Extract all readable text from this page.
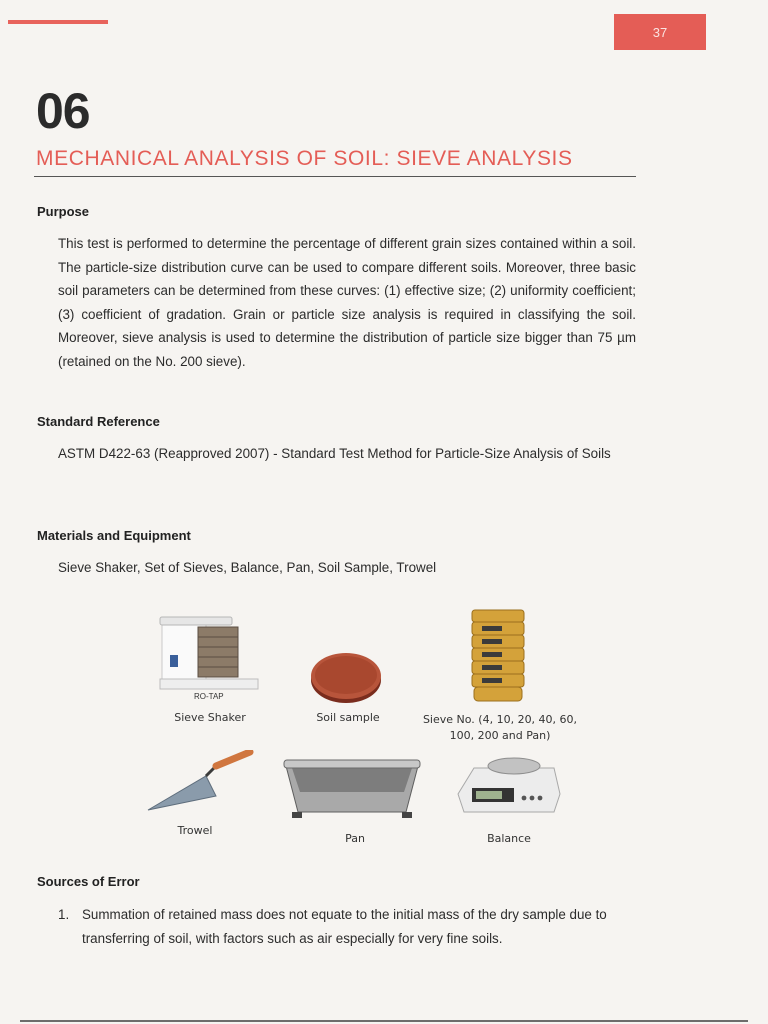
37
06
MECHANICAL ANALYSIS OF SOIL: SIEVE ANALYSIS
Purpose
This test is performed to determine the percentage of different grain sizes contained within a soil. The particle-size distribution curve can be used to compare different soils. Moreover, three basic soil parameters can be determined from these curves: (1) effective size; (2) uniformity coefficient; (3) coefficient of gradation. Grain or particle size analysis is required in classifying the soil. Moreover, sieve analysis is used to determine the distribution of particle size bigger than 75 µm (retained on the No. 200 sieve).
Standard Reference
ASTM D422-63 (Reapproved 2007) - Standard Test Method for Particle-Size Analysis of Soils
Materials and Equipment
Sieve Shaker, Set of Sieves, Balance, Pan, Soil Sample, Trowel
RO-TAP
Sieve Shaker	Soil sample	Sieve No. (4, 10, 20, 40, 60, 100, 200 and Pan)
Trowel
Pan	Balance
Sources of Error
1. Summation of retained mass does not equate to the initial mass of the dry sample due to transferring of soil, with factors such as air especially for very fine soils.
